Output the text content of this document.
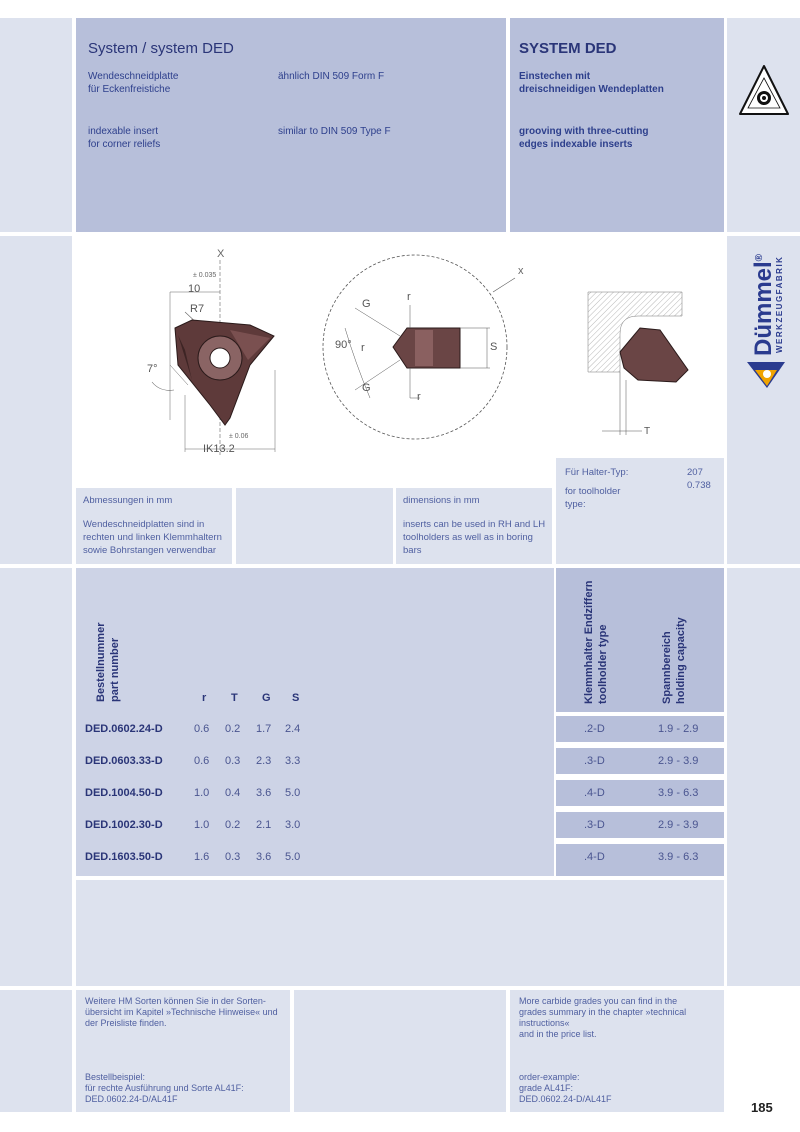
System / system DED
Wendeschneidplatte
für Eckenfreistiche
ähnlich DIN 509 Form F
indexable insert
for corner reliefs
similar to DIN 509 Type F
SYSTEM DED
Einstechen mit
dreischneidigen Wendeplatten
grooving with three-cutting
edges indexable inserts
Dümmel®	WERKZEUGFABRIK
X
± 0.035
10
R7
7°
± 0.06
IK13.2
x
G
G
r
r
r
90°	S
T
Für Halter-Typ:
for toolholder
type:
207
0.738
Abmessungen in mm
Wendeschneidplatten sind in
rechten und linken Klemmhaltern
sowie Bohrstangen verwendbar
dimensions in mm
inserts can be used in RH and LH
toolholders as well as in boring
bars
Bestellnummer part number	r T G S	Klemmhalter Endziffern toolholder type	Spannbereich holding capacity
DED.0602.24-D	0.6 0.2 1.7 2.4	.2-D	1.9 - 2.9
DED.0603.33-D	0.6 0.3 2.3 3.3	.3-D	2.9 - 3.9
DED.1004.50-D	1.0 0.4 3.6 5.0	.4-D	3.9 - 6.3
DED.1002.30-D	1.0 0.2 2.1 3.0	.3-D	2.9 - 3.9
DED.1603.50-D	1.6 0.3 3.6 5.0	.4-D	3.9 - 6.3
Weitere HM Sorten können Sie in der Sorten-
übersicht im Kapitel »Technische Hinweise« und
der Preisliste finden.
Bestellbeispiel:
für rechte Ausführung und Sorte AL41F:
DED.0602.24-D/AL41F
More carbide grades you can find in the
grades summary in the chapter »technical
instructions«
and in the price list.
order-example:
grade AL41F:
DED.0602.24-D/AL41F
185
